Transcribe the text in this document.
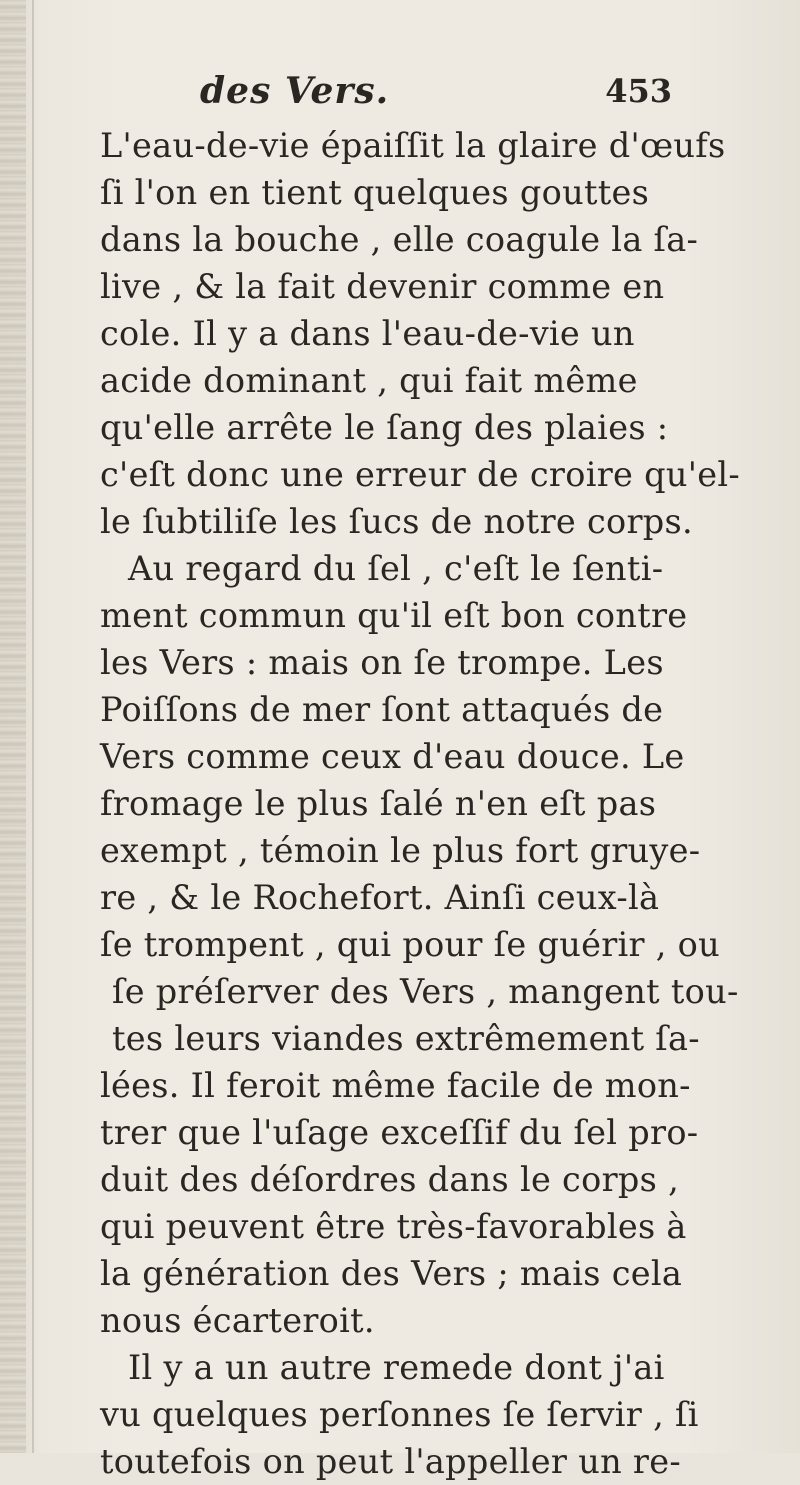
des Vers.	453
L'eau-de-vie épaiſſit la glaire d'œufs
ſi l'on en tient quelques gouttes
dans la bouche , elle coagule la ſa-
live , & la fait devenir comme en
cole. Il y a dans l'eau-de-vie un
acide dominant , qui fait même
qu'elle arrête le ſang des plaies :
c'eſt donc une erreur de croire qu'el-
le ſubtiliſe les ſucs de notre corps.
Au regard du ſel , c'eſt le ſenti-
ment commun qu'il eſt bon contre
les Vers : mais on ſe trompe. Les
Poiſſons de mer ſont attaqués de
Vers comme ceux d'eau douce. Le
fromage le plus ſalé n'en eſt pas
exempt , témoin le plus fort gruye-
re , & le Rochefort. Ainſi ceux-là
ſe trompent , qui pour ſe guérir , ou
ſe préſerver des Vers , mangent tou-
tes leurs viandes extrêmement ſa-
lées. Il feroit même facile de mon-
trer que l'uſage exceſſif du ſel pro-
duit des déſordres dans le corps ,
qui peuvent être très-favorables à
la génération des Vers ; mais cela
nous écarteroit.
Il y a un autre remede dont j'ai
vu quelques perſonnes ſe ſervir , ſi
toutefois on peut l'appeller un re-
